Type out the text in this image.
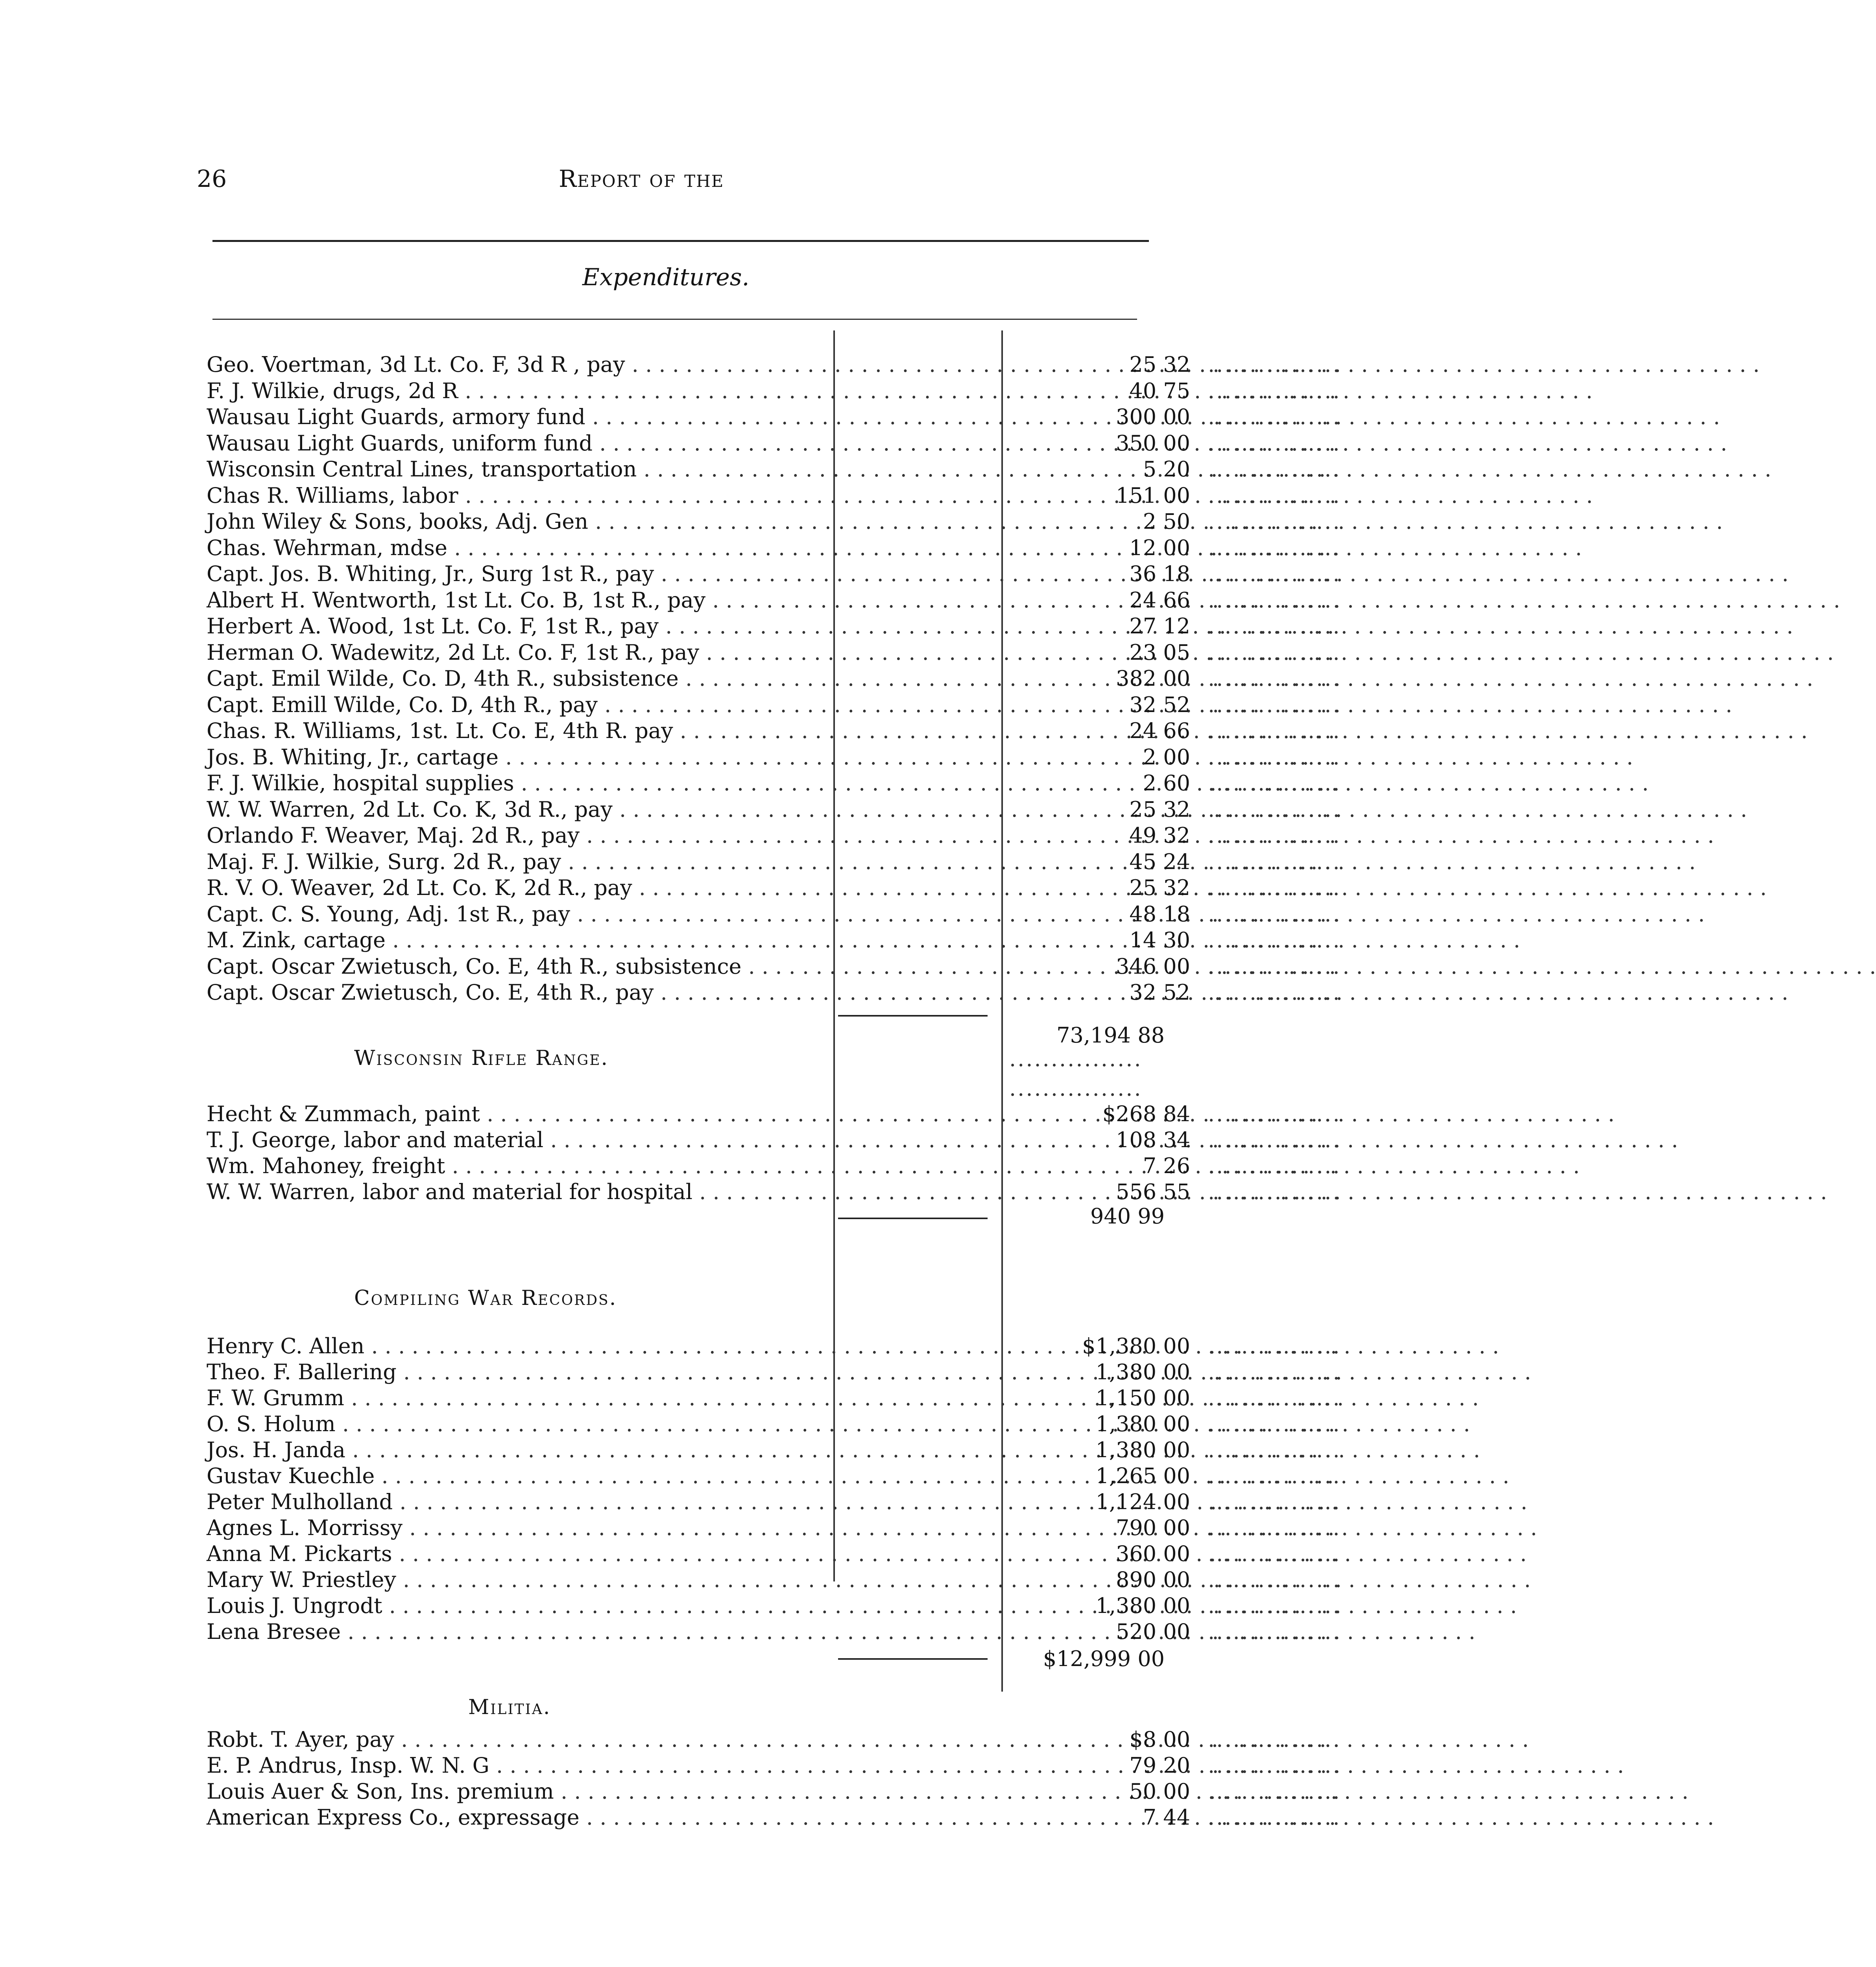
26	Report of the
Expenditures.
Geo. Voertman, 3d Lt. Co. F, 3d R , pay . . .	25 32 ................
F. J. Wilkie, drugs, 2d R . . .	40 75 ................
Wausau Light Guards, armory fund . . .	300 00 ................
Wausau Light Guards, uniform fund . . .	350 00 ................
Wisconsin Central Lines, transportation . . .	5 20 ................
Chas R. Williams, labor . . .	151 00 ................
John Wiley & Sons, books, Adj. Gen . . .	2 50 ................
Chas. Wehrman, mdse . . .	12 00 ................
Capt. Jos. B. Whiting, Jr., Surg 1st R., pay . . .	36 18 ................
Albert H. Wentworth, 1st Lt. Co. B, 1st R., pay . . .	24 66 ................
Herbert A. Wood, 1st Lt. Co. F, 1st R., pay . . .	27 12 ................
Herman O. Wadewitz, 2d Lt. Co. F, 1st R., pay . . .	23 05 ................
Capt. Emil Wilde, Co. D, 4th R., subsistence . . .	382 00 ................
Capt. Emill Wilde, Co. D, 4th R., pay . . .	32 52 ................
Chas. R. Williams, 1st. Lt. Co. E, 4th R. pay . . .	24 66 ................
Jos. B. Whiting, Jr., cartage . . .	2 00 ................
F. J. Wilkie, hospital supplies . . .	2 60 ................
W. W. Warren, 2d Lt. Co. K, 3d R., pay . . .	25 32 ................
Orlando F. Weaver, Maj. 2d R., pay . . .	49 32 ................
Maj. F. J. Wilkie, Surg. 2d R., pay . . .	45 24 ................
R. V. O. Weaver, 2d Lt. Co. K, 2d R., pay . . .	25 32 ................
Capt. C. S. Young, Adj. 1st R., pay . . .	48 18 ................
M. Zink, cartage . . .	14 30 ................
Capt. Oscar Zwietusch, Co. E, 4th R., subsistence . . .	346 00 ................
Capt. Oscar Zwietusch, Co. E, 4th R., pay . . .	32 52 ................
73,194 88
Wisconsin Rifle Range.	................
................
Hecht & Zummach, paint . . .	$268 84 ................
T. J. George, labor and material . . .	108 34 ................
Wm. Mahoney, freight . . .	7 26 ................
W. W. Warren, labor and material for hospital . . .	556 55 ................
940 99
Compiling War Records.
Henry C. Allen . . .	$1,380 00 ................
Theo. F. Ballering . . .	1,380 00 ................
F. W. Grumm . . .	1,150 00 ................
O. S. Holum . . .	1,380 00 ................
Jos. H. Janda . . .	1,380 00 ................
Gustav Kuechle . . .	1,265 00 ................
Peter Mulholland . . .	1,124 00 ................
Agnes L. Morrissy . . .	790 00 ................
Anna M. Pickarts . . .	360 00 ................
Mary W. Priestley . . .	890 00 ................
Louis J. Ungrodt . . .	1,380 00 ................
Lena Bresee . . .	520 00 ................
$12,999 00
Militia.
Robt. T. Ayer, pay . . .	$8 00 ................
E. P. Andrus, Insp. W. N. G . . .	79 20 ................
Louis Auer & Son, Ins. premium . . .	50 00 ................
American Express Co., expressage . . .	7 44 ................
